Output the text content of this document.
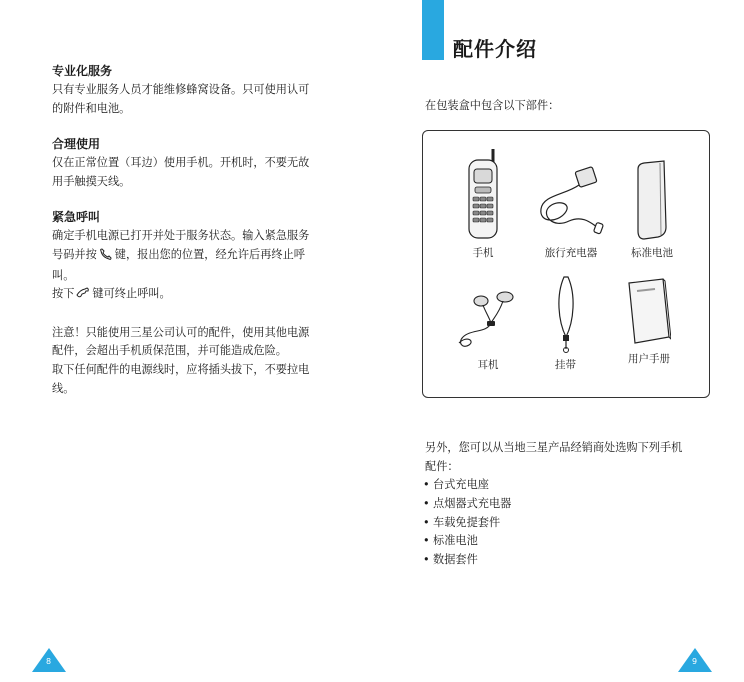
专业化服务

只有专业服务人员才能维修蜂窝设备。只可使用认可

的附件和电池。

合理使用

仅在正常位置（耳边）使用手机。开机时，不要无故

用手触摸天线。

紧急呼叫

确定手机电源已打开并处于服务状态。输入紧急服务

号码并按 键，报出您的位置，经允许后再终止呼

叫。

按下 键可终止呼叫。

注意！只能使用三星公司认可的配件，使用其他电源

配件，会超出手机质保范围，并可能造成危险。

取下任何配件的电源线时，应将插头拔下，不要拉电

线。

8
配件介绍

在包装盒中包含以下部件：

手机	旅行充电器	标准电池
耳机	挂带	用户手册

另外，您可以从当地三星产品经销商处选购下列手机
配件：

• 台式充电座
• 点烟器式充电器
• 车载免提套件
• 标准电池
• 数据套件
9
